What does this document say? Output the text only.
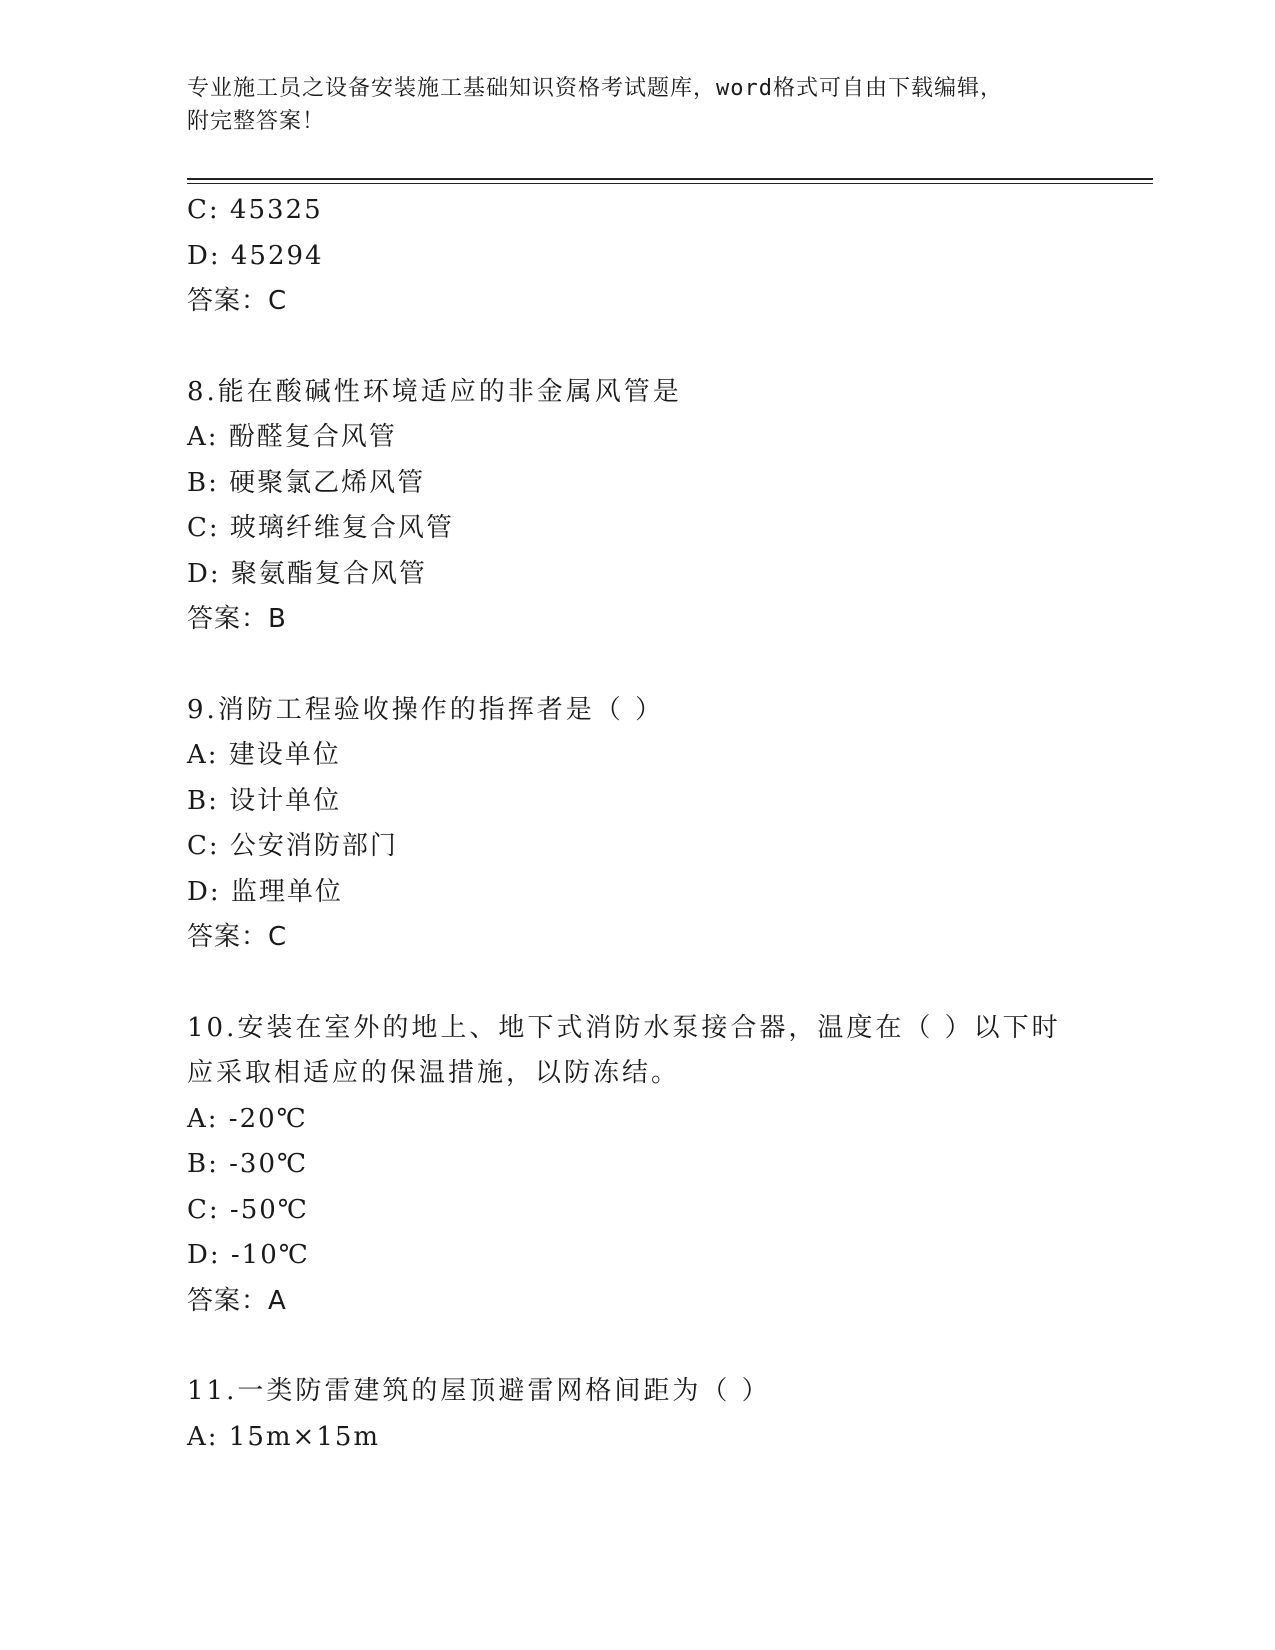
专业施工员之设备安装施工基础知识资格考试题库，word格式可自由下载编辑，
附完整答案！
C: 45325
D: 45294
答案：C
8.能在酸碱性环境适应的非金属风管是
A: 酚醛复合风管
B: 硬聚氯乙烯风管
C: 玻璃纤维复合风管
D: 聚氨酯复合风管
答案：B
9.消防工程验收操作的指挥者是（ ）
A: 建设单位
B: 设计单位
C: 公安消防部门
D: 监理单位
答案：C
10.安装在室外的地上、地下式消防水泵接合器，温度在（ ）以下时
应采取相适应的保温措施，以防冻结。
A: -20℃
B: -30℃
C: -50℃
D: -10℃
答案：A
11.一类防雷建筑的屋顶避雷网格间距为（ ）
A: 15m×15m
